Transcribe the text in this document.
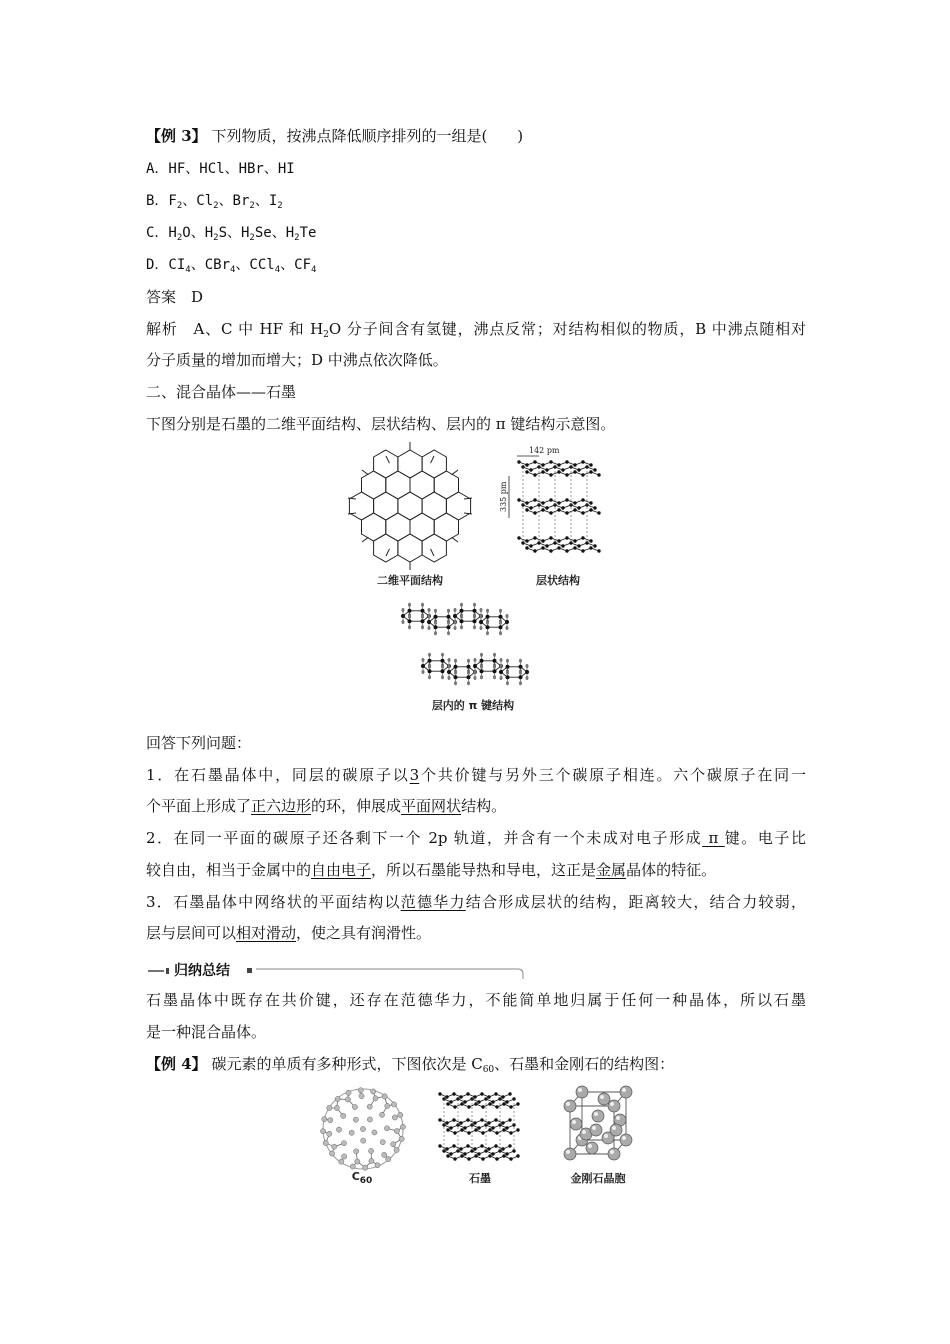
【例 3】 下列物质，按沸点降低顺序排列的一组是(　　)
A．HF、HCl、HBr、HI
B．$F_2$、$Cl_2$、$Br_2$、$I_2$
C．$H_2O$、$H_2S$、$H_2Se$、$H_2Te$
D．$CI_4$、CBr$_4$、CCl$_4$、$CF_4$
答案　D
解析　A、C 中 HF 和 $H_2O$ 分子间含有氢键，沸点反常；对结构相似的物质，B 中沸点随相对
分子质量的增加而增大；D 中沸点依次降低。
二、混合晶体——石墨
下图分别是石墨的二维平面结构、层状结构、层内的 π 键结构示意图。
二维平面结构
142 pm
335 pm
层状结构
层内的 π 键结构
回答下列问题：
1．在石墨晶体中，同层的碳原子以3个共价键与另外三个碳原子相连。六个碳原子在同一
个平面上形成了正六边形的环，伸展成平面网状结构。
2．在同一平面的碳原子还各剩下一个 2p 轨道，并含有一个未成对电子形成 π 键。电子比
较自由，相当于金属中的自由电子，所以石墨能导热和导电，这正是金属晶体的特征。
3．石墨晶体中网络状的平面结构以范德华力结合形成层状的结构，距离较大，结合力较弱，
层与层间可以相对滑动，使之具有润滑性。
归纳总结
石墨晶体中既存在共价键，还存在范德华力，不能简单地归属于任何一种晶体，所以石墨
是一种混合晶体。
【例 4】 碳元素的单质有多种形式，下图依次是 $C_{60}$、石墨和金刚石的结构图：
$C_{60}$	石墨	金刚石晶胞
